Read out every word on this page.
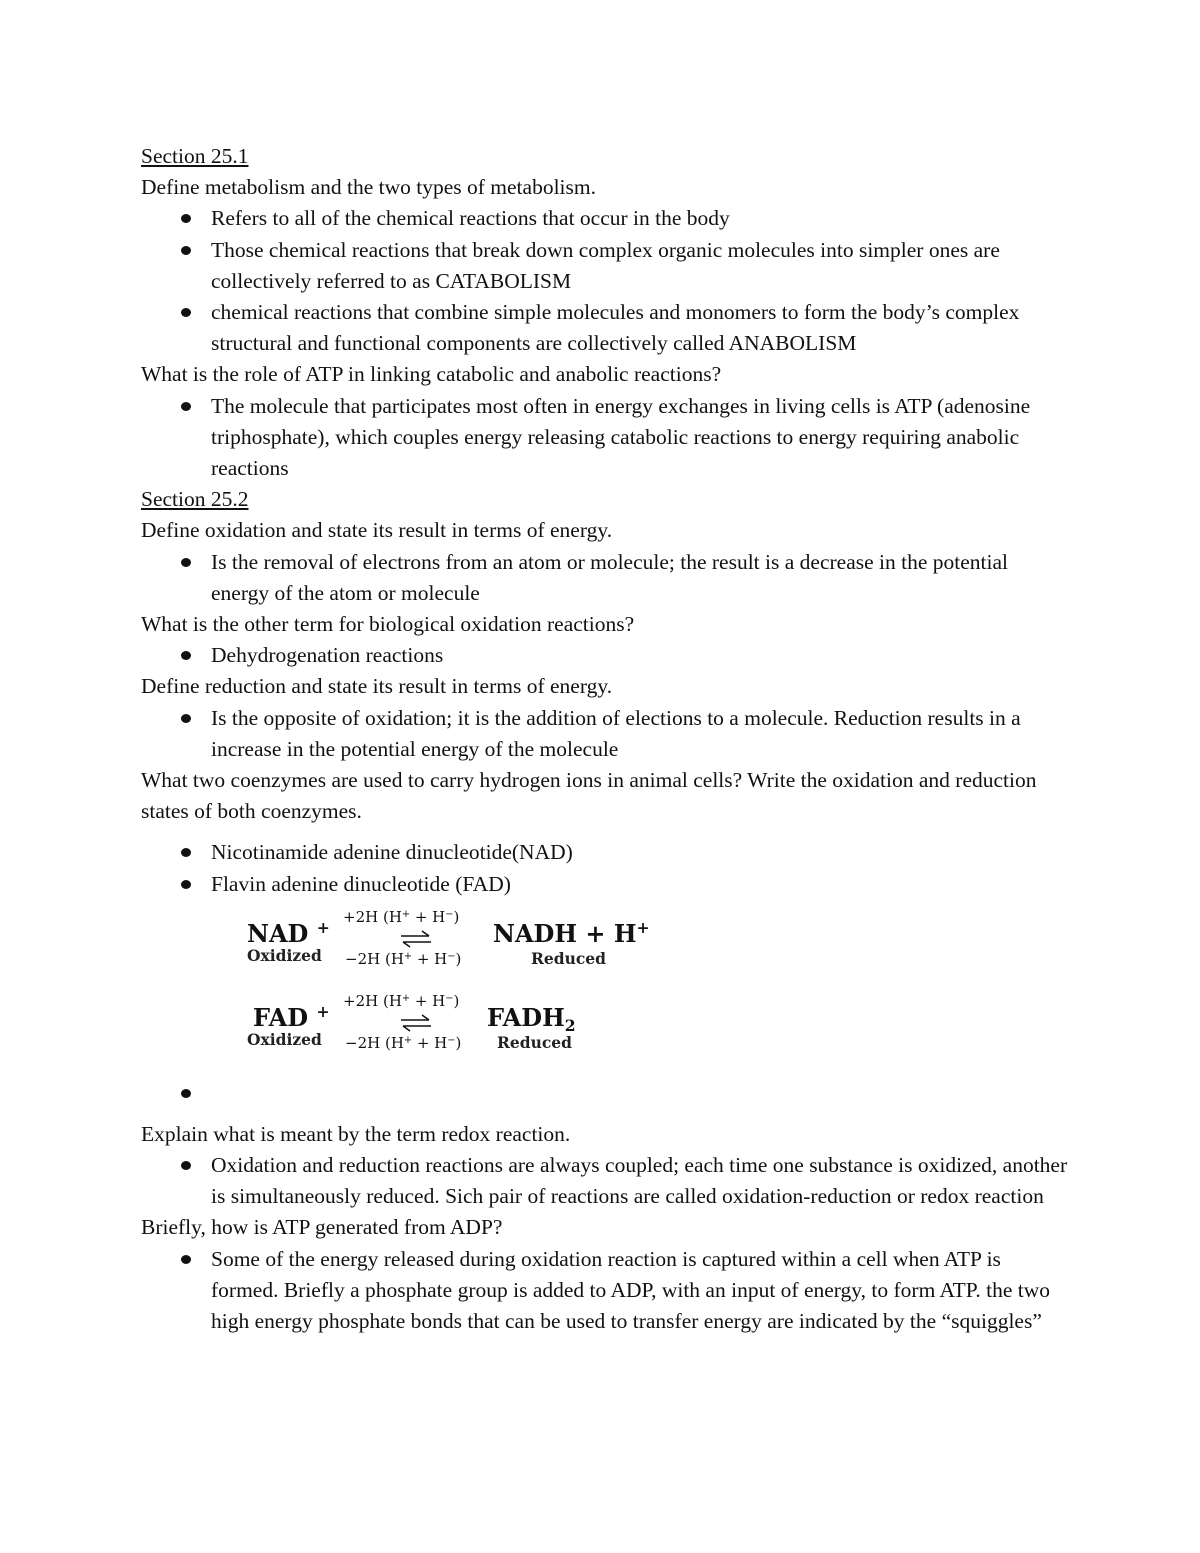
Section 25.1
Define metabolism and the two types of metabolism.
Refers to all of the chemical reactions that occur in the body
Those chemical reactions that break down complex organic molecules into simpler ones are collectively referred to as CATABOLISM
chemical reactions that combine simple molecules and monomers to form the body’s complex structural and functional components are collectively called ANABOLISM
What is the role of ATP in linking catabolic and anabolic reactions?
The molecule that participates most often in energy exchanges in living cells is ATP (adenosine triphosphate), which couples energy releasing catabolic reactions to energy requiring anabolic reactions
Section 25.2
Define oxidation and state its result in terms of energy.
Is the removal of electrons from an atom or molecule; the result is a decrease in the potential energy of the atom or molecule
What is the other term for biological oxidation reactions?
Dehydrogenation reactions
Define reduction and state its result in terms of energy.
Is the opposite of oxidation; it is the addition of elections to a molecule. Reduction results in a increase in the potential energy of the molecule
What two coenzymes are used to carry hydrogen ions in animal cells? Write the oxidation and reduction states of both coenzymes.
Nicotinamide adenine dinucleotide(NAD)
Flavin adenine dinucleotide (FAD)
NAD +
Oxidized
+2H (H+ + H−)
−2H (H+ + H−)
NADH + H+
Reduced
FAD +
Oxidized
+2H (H+ + H−)
−2H (H+ + H−)
FADH2
Reduced
Explain what is meant by the term redox reaction.
Oxidation and reduction reactions are always coupled; each time one substance is oxidized, another is simultaneously reduced. Sich pair of reactions are called oxidation-reduction or redox reaction
Briefly, how is ATP generated from ADP?
Some of the energy released during oxidation reaction is captured within a cell when ATP is formed. Briefly a phosphate group is added to ADP, with an input of energy, to form ATP. the two high energy phosphate bonds that can be used to transfer energy are indicated by the “squiggles”
